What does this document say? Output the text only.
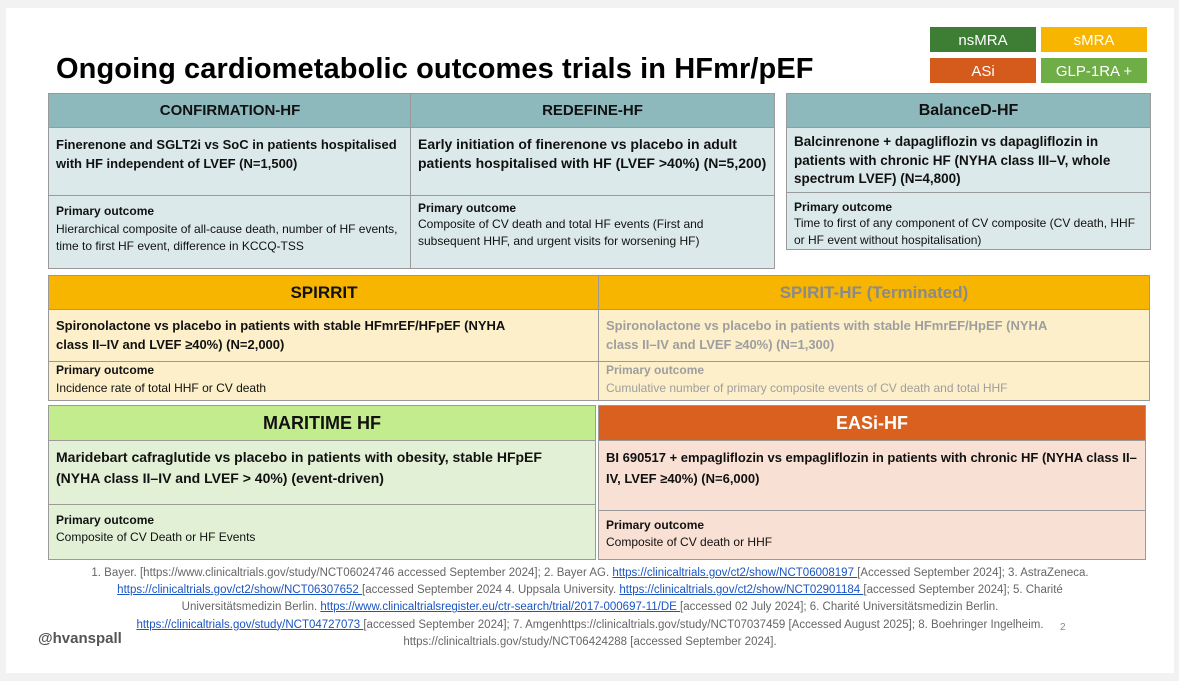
Ongoing cardiometabolic outcomes trials in HFmr/pEF
nsMRA	sMRA
ASi	GLP-1RA +
CONFIRMATION-HF
Finerenone and SGLT2i vs SoC in patients hospitalised with HF independent of LVEF (N=1,500)
Primary outcome
Hierarchical composite of all-cause death, number of HF events, time to first HF event, difference in KCCQ-TSS
REDEFINE-HF
Early initiation of finerenone vs placebo in adult patients hospitalised with HF (LVEF >40%) (N=5,200)
Primary outcome
Composite of CV death and total HF events (First and subsequent HHF, and urgent visits for worsening HF)
BalanceD-HF
Balcinrenone + dapagliflozin vs dapagliflozin in patients with chronic HF (NYHA class III–V, whole spectrum LVEF) (N=4,800)
Primary outcome
Time to first of any component of CV composite (CV death, HHF or HF event without hospitalisation)
SPIRRIT
Spironolactone vs placebo in patients with stable HFmrEF/HFpEF (NYHA class II–IV and LVEF ≥40%) (N=2,000)
Primary outcome
Incidence rate of total HHF or CV death
SPIRIT-HF (Terminated)
Spironolactone vs placebo in patients with stable HFmrEF/HpEF (NYHA class II–IV and LVEF ≥40%) (N=1,300)
Primary outcome
Cumulative number of primary composite events of CV death and total HHF
MARITIME HF
Maridebart cafraglutide vs placebo in patients with obesity, stable HFpEF (NYHA class II–IV and LVEF > 40%) (event-driven)
Primary outcome
Composite of CV Death or HF Events
EASi-HF
BI 690517 + empagliflozin vs empagliflozin in patients with chronic HF (NYHA class II–IV, LVEF ≥40%) (N=6,000)
Primary outcome
Composite of CV death or HHF
1. Bayer. [https://www.clinicaltrials.gov/study/NCT06024746 accessed September 2024]; 2. Bayer AG. https://clinicaltrials.gov/ct2/show/NCT06008197 [Accessed September 2024]; 3. AstraZeneca. https://clinicaltrials.gov/ct2/show/NCT06307652 [accessed September 2024 4. Uppsala University. https://clinicaltrials.gov/ct2/show/NCT02901184 [accessed September 2024]; 5. Charité Universitätsmedizin Berlin. https://www.clinicaltrialsregister.eu/ctr-search/trial/2017-000697-11/DE [accessed 02 July 2024]; 6. Charité Universitätsmedizin Berlin. https://clinicaltrials.gov/study/NCT04727073 [accessed September 2024]; 7. Amgenhttps://clinicaltrials.gov/study/NCT07037459 [Accessed August 2025]; 8. Boehringer Ingelheim. https://clinicaltrials.gov/study/NCT06424288 [accessed September 2024].
@hvanspall
2
